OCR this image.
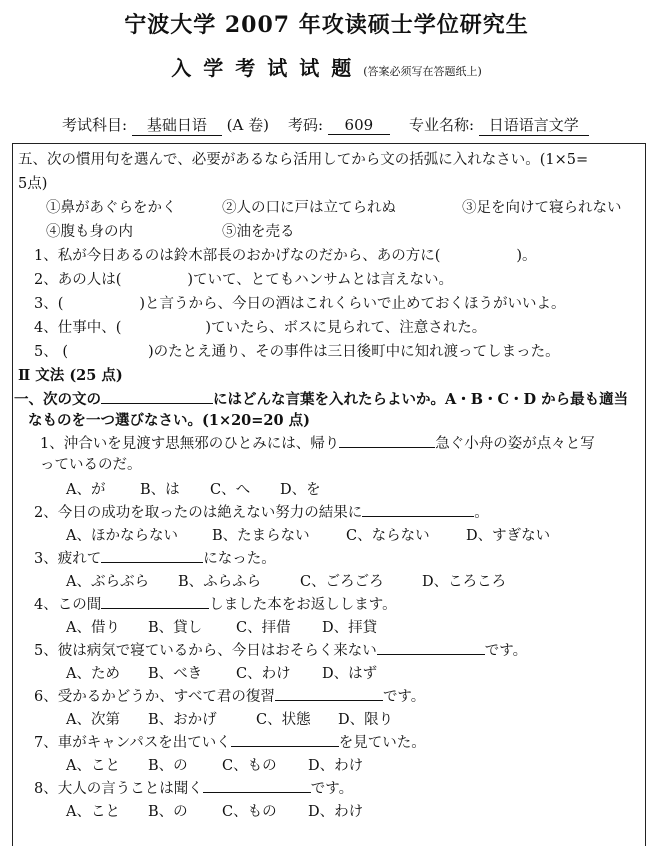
宁波大学 2007 年攻读硕士学位研究生
入学考试试题(答案必须写在答题纸上)
考试科目: 基础日语 (A 卷) 考码: 609 专业名称: 日语语言文学
五、次の慣用句を選んで、必要があるなら活用してから文の括弧に入れなさい。(1×5=
5点)
①鼻があぐらをかく	②人の口に戸は立てられぬ	③足を向けて寝られない
④腹も身の内	⑤油を売る
1、私が今日あるのは鈴木部長のおかげなのだから、あの方に(	)。
2、あの人は(	)ていて、とてもハンサムとは言えない。
3、(	)と言うから、今日の酒はこれくらいで止めておくほうがいいよ。
4、仕事中、(	)ていたら、ボスに見られて、注意された。
5、 (	)のたとえ通り、その事件は三日後町中に知れ渡ってしまった。
Ⅱ 文法 (25 点)
一、次の文の	にはどんな言葉を入れたらよいか。A・B・C・D から最も適当
なものを一つ選びなさい。(1×20=20 点)
1、沖合いを見渡す思無邪のひとみには、帰り	急ぐ小舟の姿が点々と写
っているのだ。
A、が B、は C、へ D、を
2、今日の成功を取ったのは絶えない努力の結果に	。
A、ほかならない B、たまらない	C、ならない	D、すぎない
3、疲れて	になった。
A、ぶらぶら B、ふらふら	C、ごろごろ	D、ころころ
4、この間	しました本をお返しします。
A、借り B、貸し C、拝借 D、拝貸
5、彼は病気で寝ているから、今日はおそらく来ない	です。
A、ため B、べき C、わけ D、はず
6、受かるかどうか、すべて君の復習	です。
A、次第 B、おかげ	C、状態 D、限り
7、車がキャンパスを出ていく	を見ていた。
A、こと B、の C、もの D、わけ
8、大人の言うことは聞く	です。
A、こと B、の C、もの D、わけ
